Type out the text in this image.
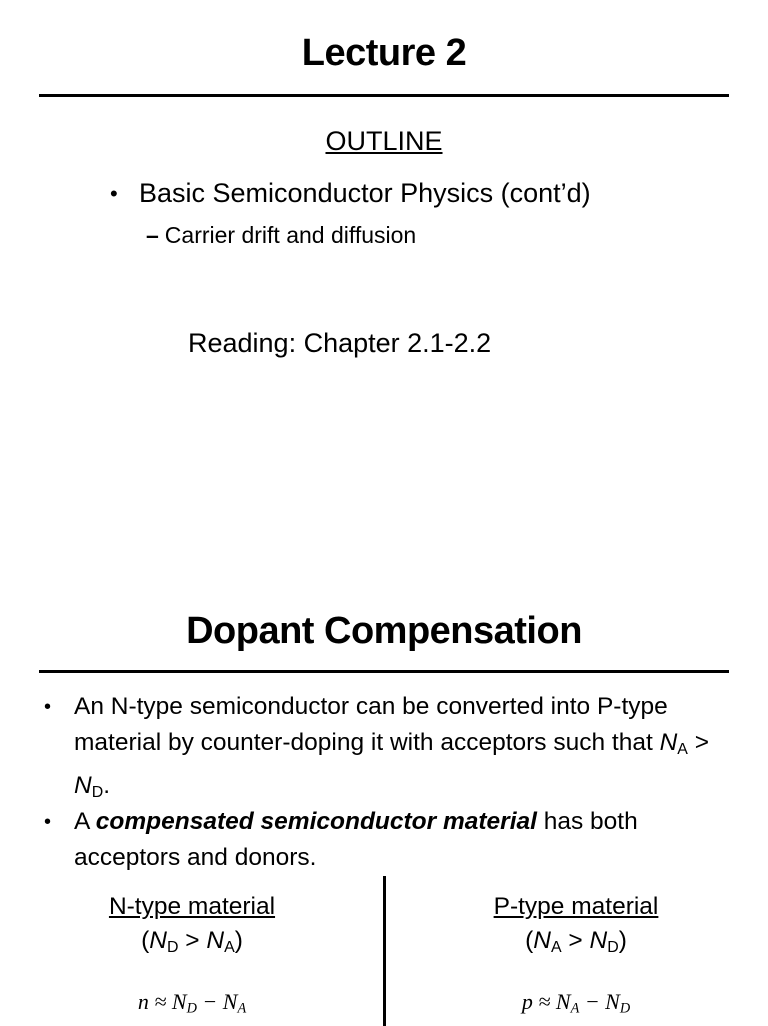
Lecture 2
OUTLINE
• Basic Semiconductor Physics (cont’d)
– Carrier drift and diffusion
Reading: Chapter 2.1-2.2
Dopant Compensation
• An N-type semiconductor can be converted into P-type material by counter-doping it with acceptors such that $N_A > N_D$.
• A compensated semiconductor material has both acceptors and donors.
N-type material
$(N_D > N_A)$
$n \approx N_D - N_A$
P-type material
$(N_A > N_D)$
$p \approx N_A - N_D$
